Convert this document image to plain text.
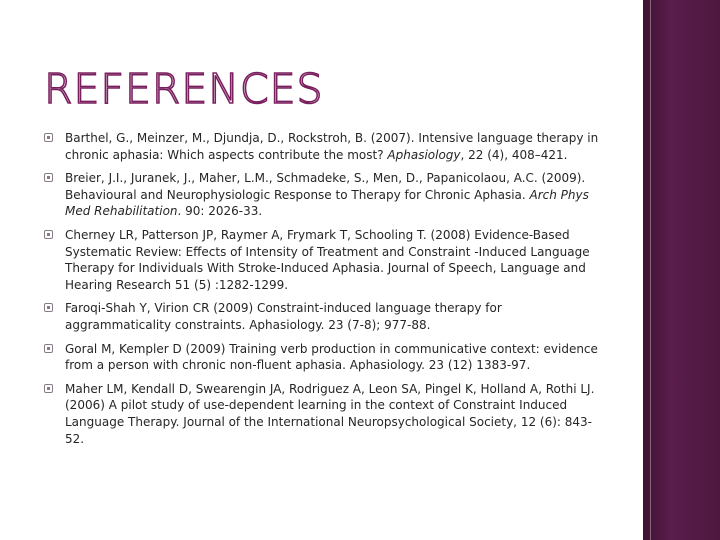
REFERENCES
Barthel, G., Meinzer, M., Djundja, D., Rockstroh, B. (2007). Intensive language therapy in chronic aphasia: Which aspects contribute the most? Aphasiology, 22 (4), 408–421.
Breier, J.I., Juranek, J., Maher, L.M., Schmadeke, S., Men, D., Papanicolaou, A.C. (2009). Behavioural and Neurophysiologic Response to Therapy for Chronic Aphasia. Arch Phys Med Rehabilitation. 90: 2026-33.
Cherney LR, Patterson JP, Raymer A, Frymark T, Schooling T. (2008) Evidence-Based Systematic Review: Effects of Intensity of Treatment and Constraint -Induced Language Therapy for Individuals With Stroke-Induced Aphasia. Journal of Speech, Language and Hearing Research 51 (5) :1282-1299.
Faroqi-Shah Y, Virion CR (2009) Constraint-induced language therapy for aggrammaticality constraints. Aphasiology. 23 (7-8); 977-88.
Goral M, Kempler D (2009) Training verb production in communicative context: evidence from a person with chronic non-fluent aphasia. Aphasiology. 23 (12) 1383-97.
Maher LM, Kendall D, Swearengin JA, Rodriguez A, Leon SA, Pingel K, Holland A, Rothi LJ. (2006) A pilot study of use-dependent learning in the context of Constraint Induced Language Therapy. Journal of the International Neuropsychological Society, 12 (6): 843-52.
